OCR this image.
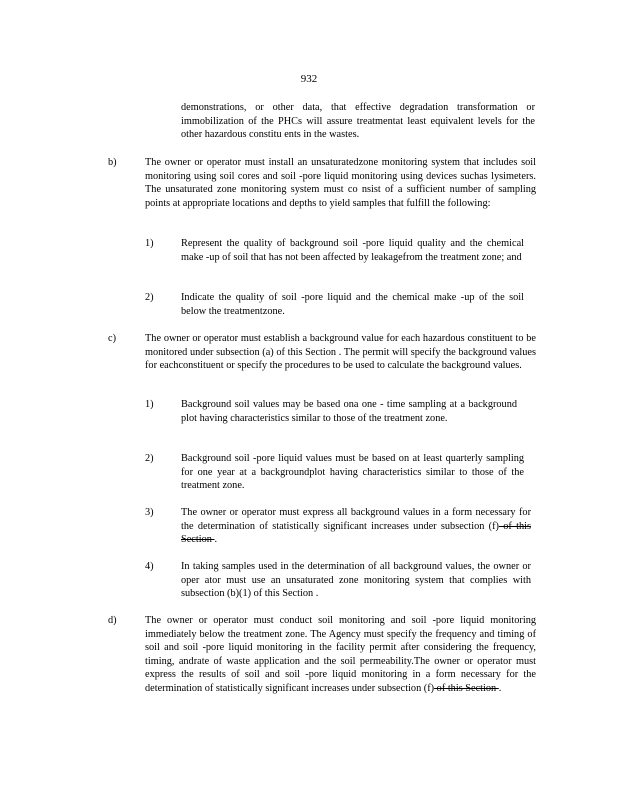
932
demonstrations, or other data, that effective degradation transformation or immobilization of the PHCs will assure treatmentat least equivalent levels for the other hazardous constitu ents in the wastes.
b)	The owner or operator must install an unsaturatedzone monitoring system that includes soil monitoring using soil cores and soil -pore liquid monitoring using devices suchas lysimeters. The unsaturated zone monitoring system must co nsist of a sufficient number of sampling points at appropriate locations and depths to yield samples that fulfill the following:
1)	Represent the quality of background soil -pore liquid quality and the chemical make -up of soil that has not been affected by leakagefrom the treatment zone; and
2)	Indicate the quality of soil -pore liquid and the chemical make -up of the soil below the treatmentzone.
c)	The owner or operator must establish a background value for each hazardous constituent to be monitored under subsection (a) of this Section . The permit will specify the background values for eachconstituent or specify the procedures to be used to calculate the background values.
1)	Background soil values may be based ona one - time sampling at a background plot having characteristics similar to those of the treatment zone.
2)	Background soil -pore liquid values must be based on at least quarterly sampling for one year at a backgroundplot having characteristics similar to those of the treatment zone.
3)	The owner or operator must express all background values in a form necessary for the determination of statistically significant increases under subsection (f) of this Section .
4)	In taking samples used in the determination of all background values, the owner or oper ator must use an unsaturated zone monitoring system that complies with subsection (b)(1) of this Section .
d)	The owner or operator must conduct soil monitoring and soil -pore liquid monitoring immediately below the treatment zone. The Agency must specify the frequency and timing of soil and soil -pore liquid monitoring in the facility permit after considering the frequency, timing, andrate of waste application and the soil permeability.The owner or operator must express the results of soil and soil -pore liquid monitoring in a form necessary for the determination of statistically significant increases under subsection (f) of this Section .
